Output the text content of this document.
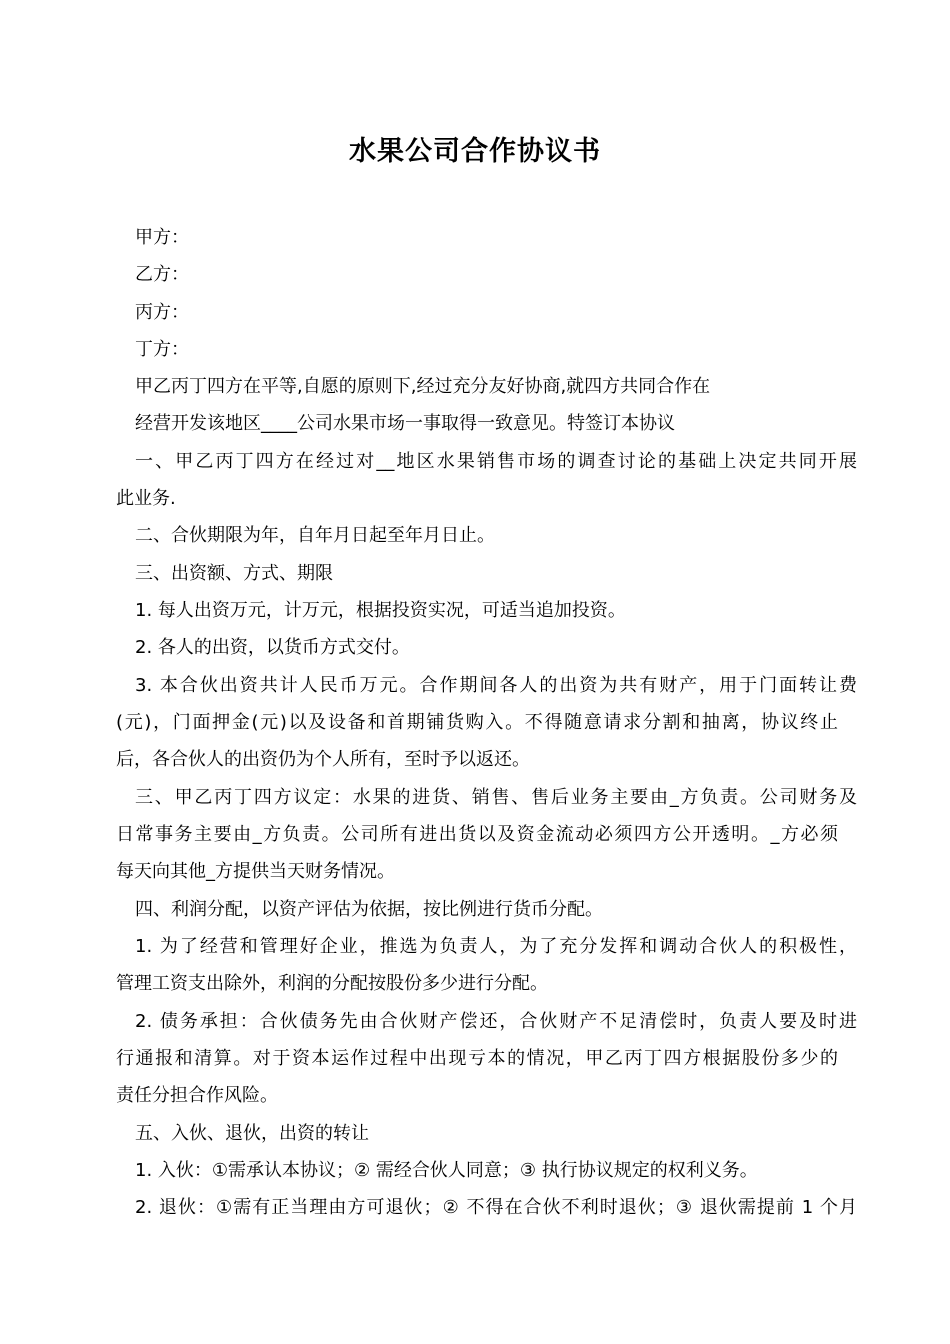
水果公司合作协议书
甲方：
乙方：
丙方：
丁方：
甲乙丙丁四方在平等,自愿的原则下,经过充分友好协商,就四方共同合作在
经营开发该地区____公司水果市场一事取得一致意见。特签订本协议
一、甲乙丙丁四方在经过对__地区水果销售市场的调查讨论的基础上决定共同开展
此业务.
二、合伙期限为年，自年月日起至年月日止。
三、出资额、方式、期限
1. 每人出资万元，计万元，根据投资实况，可适当追加投资。
2. 各人的出资，以货币方式交付。
3. 本合伙出资共计人民币万元。合作期间各人的出资为共有财产，用于门面转让费
(元)，门面押金(元)以及设备和首期铺货购入。不得随意请求分割和抽离，协议终止
后，各合伙人的出资仍为个人所有，至时予以返还。
三、甲乙丙丁四方议定：水果的进货、销售、售后业务主要由_方负责。公司财务及
日常事务主要由_方负责。公司所有进出货以及资金流动必须四方公开透明。_方必须
每天向其他_方提供当天财务情况。
四、利润分配，以资产评估为依据，按比例进行货币分配。
1. 为了经营和管理好企业，推选为负责人，为了充分发挥和调动合伙人的积极性，
管理工资支出除外，利润的分配按股份多少进行分配。
2. 债务承担：合伙债务先由合伙财产偿还，合伙财产不足清偿时，负责人要及时进
行通报和清算。对于资本运作过程中出现亏本的情况，甲乙丙丁四方根据股份多少的
责任分担合作风险。
五、入伙、退伙，出资的转让
1. 入伙：①需承认本协议；② 需经合伙人同意；③ 执行协议规定的权利义务。
2. 退伙：①需有正当理由方可退伙；② 不得在合伙不利时退伙；③ 退伙需提前 1 个月
